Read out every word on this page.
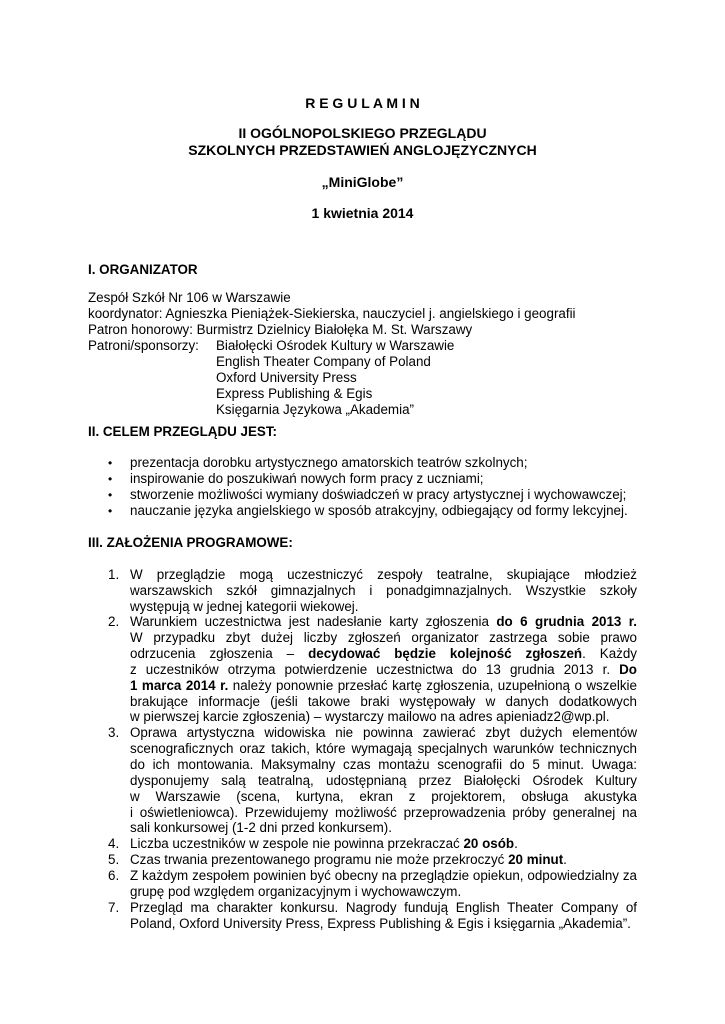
R E G U L A M I N
II OGÓLNOPOLSKIEGO PRZEGLĄDU
SZKOLNYCH PRZEDSTAWIEŃ ANGLOJĘZYCZNYCH
„MiniGlobe”
1 kwietnia 2014
I. ORGANIZATOR
Zespół Szkół Nr 106 w Warszawie
koordynator: Agnieszka Pieniążek-Siekierska, nauczyciel j. angielskiego i geografii
Patron honorowy: Burmistrz Dzielnicy Białołęka M. St. Warszawy
Patroni/sponsorzy: Białołęcki Ośrodek Kultury w Warszawie
English Theater Company of Poland
Oxford University Press
Express Publishing & Egis
Księgarnia Językowa „Akademia”
II. CELEM PRZEGLĄDU JEST:
• prezentacja dorobku artystycznego amatorskich teatrów szkolnych;
• inspirowanie do poszukiwań nowych form pracy z uczniami;
• stworzenie możliwości wymiany doświadczeń w pracy artystycznej i wychowawczej;
• nauczanie języka angielskiego w sposób atrakcyjny, odbiegający od formy lekcyjnej.
III. ZAŁOŻENIA PROGRAMOWE:
1. W przeglądzie mogą uczestniczyć zespoły teatralne, skupiające młodzież
warszawskich szkół gimnazjalnych i ponadgimnazjalnych. Wszystkie szkoły
występują w jednej kategorii wiekowej.
2. Warunkiem uczestnictwa jest nadesłanie karty zgłoszenia do 6 grudnia 2013 r.
W przypadku zbyt dużej liczby zgłoszeń organizator zastrzega sobie prawo
odrzucenia zgłoszenia – decydować będzie kolejność zgłoszeń. Każdy
z uczestników otrzyma potwierdzenie uczestnictwa do 13 grudnia 2013 r. Do
1 marca 2014 r. należy ponownie przesłać kartę zgłoszenia, uzupełnioną o wszelkie
brakujące informacje (jeśli takowe braki występowały w danych dodatkowych
w pierwszej karcie zgłoszenia) – wystarczy mailowo na adres apieniadz2@wp.pl.
3. Oprawa artystyczna widowiska nie powinna zawierać zbyt dużych elementów
scenograficznych oraz takich, które wymagają specjalnych warunków technicznych
do ich montowania. Maksymalny czas montażu scenografii do 5 minut. Uwaga:
dysponujemy salą teatralną, udostępnianą przez Białołęcki Ośrodek Kultury
w Warszawie (scena, kurtyna, ekran z projektorem, obsługa akustyka
i oświetleniowca). Przewidujemy możliwość przeprowadzenia próby generalnej na
sali konkursowej (1-2 dni przed konkursem).
4. Liczba uczestników w zespole nie powinna przekraczać 20 osób.
5. Czas trwania prezentowanego programu nie może przekroczyć 20 minut.
6. Z każdym zespołem powinien być obecny na przeglądzie opiekun, odpowiedzialny za
grupę pod względem organizacyjnym i wychowawczym.
7. Przegląd ma charakter konkursu. Nagrody fundują English Theater Company of
Poland, Oxford University Press, Express Publishing & Egis i księgarnia „Akademia”.
